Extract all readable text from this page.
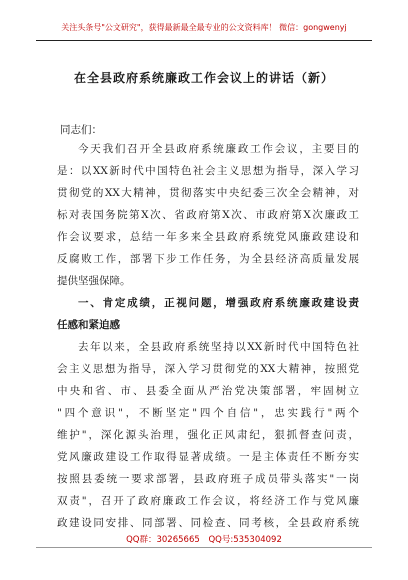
关注头条号"公文研究"，获得最新最全最专业的公文资料库！ 微信：gongwenyj
在全县政府系统廉政工作会议上的讲话（新）
同志们：
今天我们召开全县政府系统廉政工作会议，主要目的
是：以XX新时代中国特色社会主义思想为指导，深入学习
贯彻党的XX大精神，贯彻落实中央纪委三次全会精神，对
标对表国务院第X次、省政府第X次、市政府第X次廉政工
作会议要求，总结一年多来全县政府系统党风廉政建设和
反腐败工作，部署下步工作任务，为全县经济高质量发展
提供坚强保障。
一、肯定成绩，正视问题，增强政府系统廉政建设责
任感和紧迫感
去年以来，全县政府系统坚持以XX新时代中国特色社
会主义思想为指导，深入学习贯彻党的XX大精神，按照党
中央和省、市、县委全面从严治党决策部署，牢固树立
"四个意识"，不断坚定"四个自信"，忠实践行"两个
维护"，深化源头治理，强化正风肃纪，狠抓督查问责，
党风廉政建设工作取得显著成绩。一是主体责任不断夯实
按照县委统一要求部署，县政府班子成员带头落实"一岗
双责"，召开了政府廉政工作会议，将经济工作与党风廉
政建设同安排、同部署、同检查、同考核，全县政府系统
QQ群：30265665 QQ号:535304092
